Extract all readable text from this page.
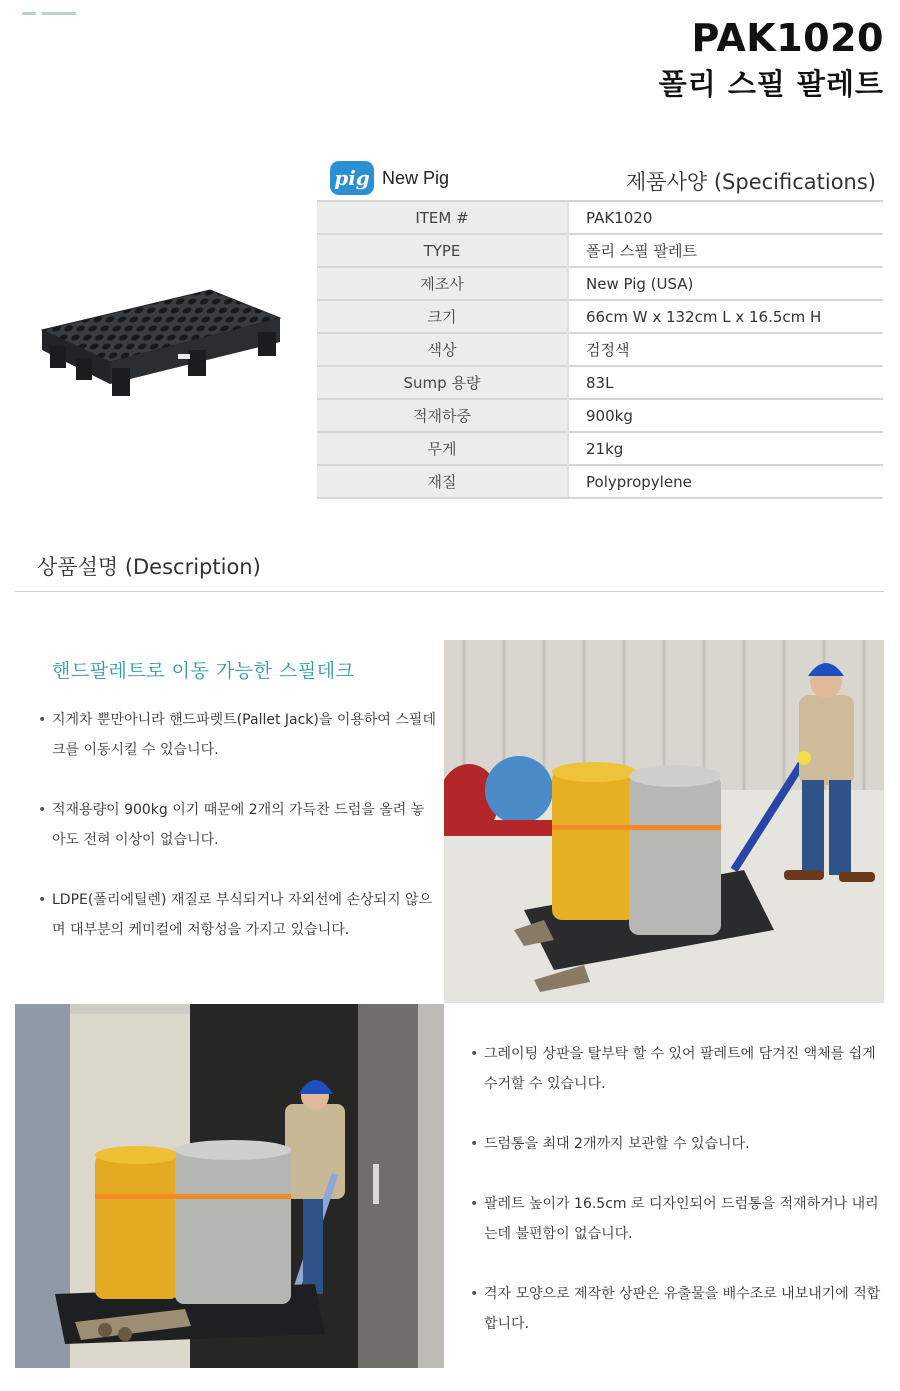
PAK1020
폴리 스필 팔레트
pig New Pig	제품사양 (Specifications)
ITEM #	PAK1020
TYPE	폴리 스필 팔레트
제조사	New Pig (USA)
크기	66cm W x 132cm L x 16.5cm H
색상	검정색
Sump 용량	83L
적재하중	900kg
무게	21kg
재질	Polypropylene
상품설명 (Description)
핸드팔레트로 이동 가능한 스필데크
• 지게차 뿐만아니라 핸드파렛트(Pallet Jack)을 이용하여 스필데크를 이동시킬 수 있습니다.
• 적재용량이 900kg 이기 때문에 2개의 가득찬 드럼을 올려 놓아도 전혀 이상이 없습니다.
• LDPE(폴리에틸렌) 재질로 부식되거나 자외선에 손상되지 않으며 대부분의 케미컬에 저항성을 가지고 있습니다.
• 그레이팅 상판을 탈부탁 할 수 있어 팔레트에 담겨진 액체를 쉽게 수거할 수 있습니다.
• 드럼통을 최대 2개까지 보관할 수 있습니다.
• 팔레트 높이가 16.5cm 로 디자인되어 드럼통을 적재하거나 내리는데 불편함이 없습니다.
• 격자 모양으로 제작한 상판은 유출물을 배수조로 내보내기에 적합합니다.
